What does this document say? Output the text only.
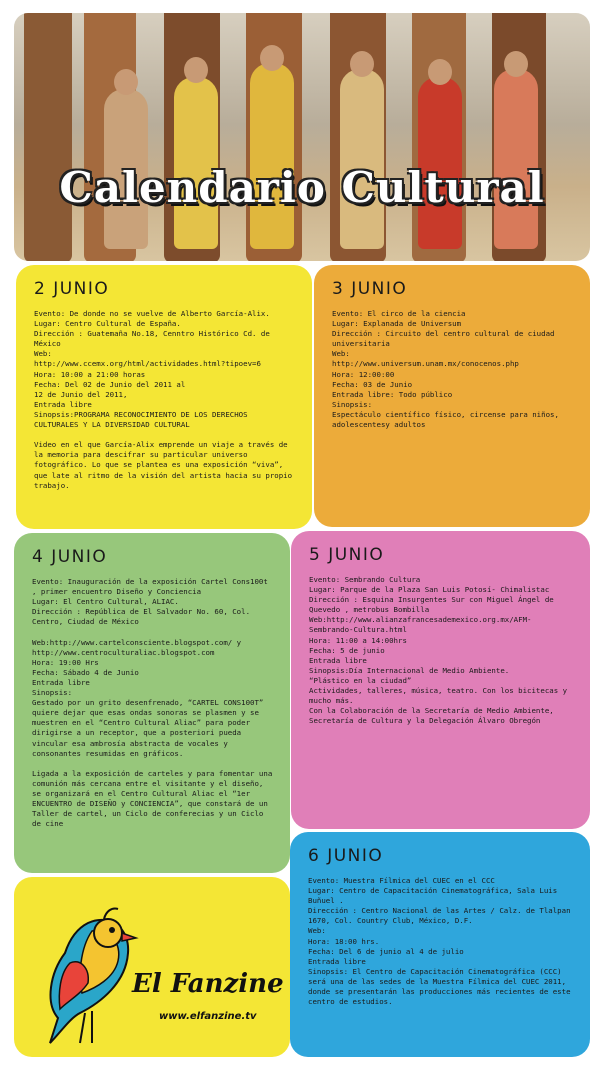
Calendario Cultural
2 JUNIO
Evento: De donde no se vuelve de Alberto García-Alix.
Lugar: Centro Cultural de España.
Dirección : Guatemaña No.18, Cenntro Histórico Cd. de México
Web:
http://www.ccemx.org/html/actividades.html?tipoev=6
Hora: 10:00 a 21:00 horas
Fecha: Del 02 de Junio del 2011 al
12 de Junio del 2011,
Entrada libre
Sinopsis:PROGRAMA RECONOCIMIENTO DE LOS DERECHOS CULTURALES Y LA DIVERSIDAD CULTURAL

Video en el que García-Alix emprende un viaje a través de la memoria para descifrar su particular universo fotográfico. Lo que se plantea es una exposición “viva”, que late al ritmo de la visión del artista hacia su propio trabajo.
3 JUNIO
Evento: El circo de la ciencia
Lugar: Explanada de Universum
Dirección : Circuito del centro cultural de ciudad universitaria
Web:
http://www.universum.unam.mx/conocenos.php
Hora: 12:00:00
Fecha: 03 de Junio
Entrada libre: Todo público
Sinopsis:
Espectáculo científico físico, circense para niños, adolescentesy adultos
4 JUNIO
Evento: Inauguración de la exposición Cartel Cons100t , primer encuentro Diseño y Conciencia
Lugar: El Centro Cultural, ALIAC.
Dirección : República de El Salvador No. 60, Col. Centro, Ciudad de México

Web:http://www.cartelconsciente.blogspot.com/ y http://www.centroculturaliac.blogspot.com
Hora: 19:00 Hrs
Fecha: Sábado 4 de Junio
Entrada libre
Sinopsis:
Gestado por un grito desenfrenado, “CARTEL CONS100T” quiere dejar que esas ondas sonoras se plasmen y se muestren en el “Centro Cultural Aliac” para poder dirigirse a un receptor, que a posteriori pueda vincular esa ambrosía abstracta de vocales y consonantes resumidas en gráficos.

Ligada a la exposición de carteles y para fomentar una comunión más cercana entre el visitante y el diseño, se organizará en el Centro Cultural Aliac el “1er ENCUENTRO de DISEÑO y CONCIENCIA”, que constará de un Taller de cartel, un Ciclo de conferecias y un Ciclo de cine
5 JUNIO
Evento: Sembrando Cultura
Lugar: Parque de la Plaza San Luis Potosí- Chimalistac
Dirección : Esquina Insurgentes Sur con Miguel Ángel de Quevedo , metrobus Bombilla
Web:http://www.alianzafrancesademexico.org.mx/AFM-Sembrando-Cultura.html
Hora: 11:00 a 14:00hrs
Fecha: 5 de junio
Entrada libre
Sinopsis:Día Internacional de Medio Ambiente.
“Plástico en la ciudad”
Actividades, talleres, música, teatro. Con los bicitecas y mucho más.
Con la Colaboración de la Secretaría de Medio Ambiente, Secretaría de Cultura y la Delegación Álvaro Obregón
6 JUNIO
Evento: Muestra Fílmica del CUEC en el CCC
Lugar: Centro de Capacitación Cinematográfica, Sala Luis Buñuel .
Dirección : Centro Nacional de las Artes / Calz. de Tlalpan 1670, Col. Country Club, México, D.F.
Web:
Hora: 18:00 hrs.
Fecha: Del 6 de junio al 4 de julio
Entrada libre
Sinopsis: El Centro de Capacitación Cinematográfica (CCC) será una de las sedes de la Muestra Fílmica del CUEC 2011, donde se presentarán las producciones más recientes de este centro de estudios.
El Fanzine
www.elfanzine.tv
